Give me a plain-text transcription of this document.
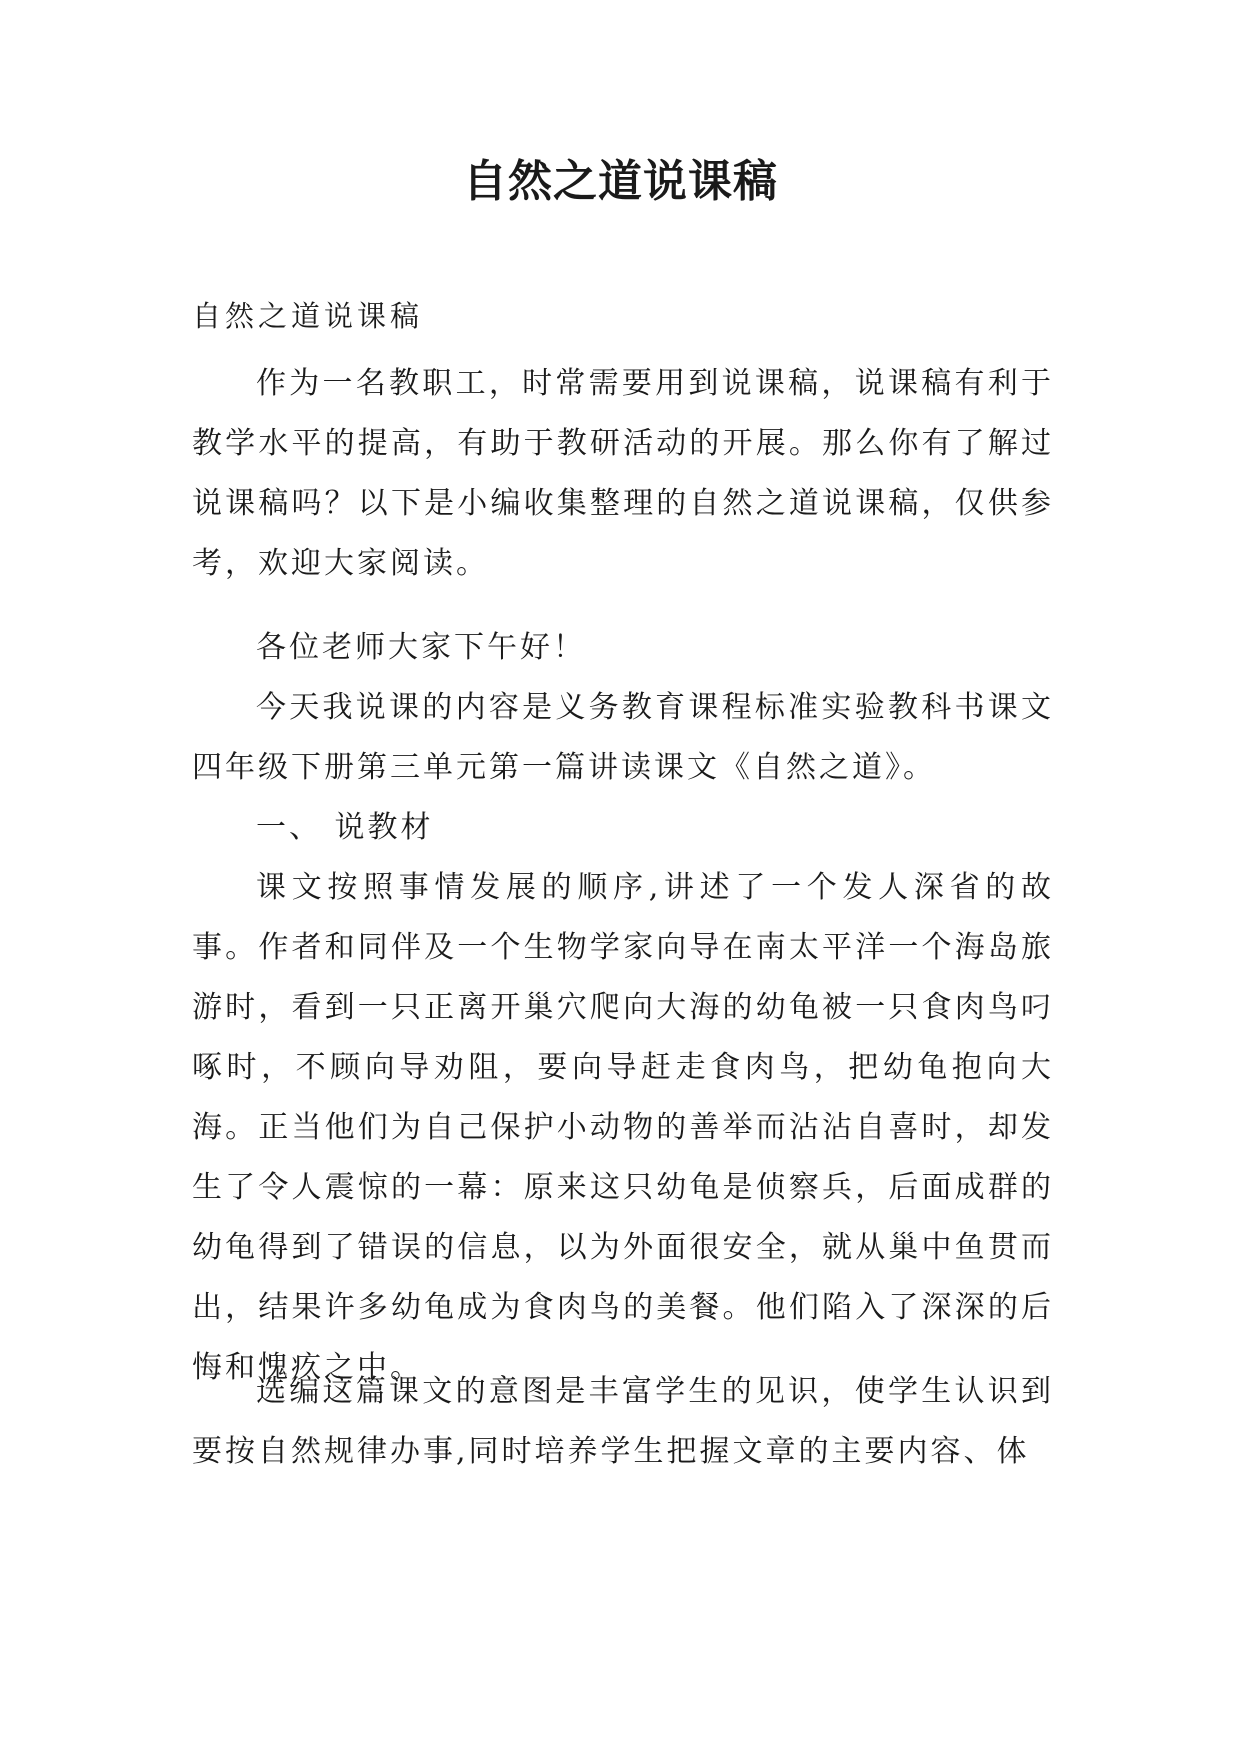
自然之道说课稿

自然之道说课稿

作为一名教职工，时常需要用到说课稿，说课稿有利于教学水平的提高，有助于教研活动的开展。那么你有了解过说课稿吗？以下是小编收集整理的自然之道说课稿，仅供参考，欢迎大家阅读。

各位老师大家下午好！

今天我说课的内容是义务教育课程标准实验教科书课文四年级下册第三单元第一篇讲读课文《自然之道》。

一、 说教材

课文按照事情发展的顺序,讲述了一个发人深省的故事。作者和同伴及一个生物学家向导在南太平洋一个海岛旅游时，看到一只正离开巢穴爬向大海的幼龟被一只食肉鸟叼啄时，不顾向导劝阻，要向导赶走食肉鸟，把幼龟抱向大海。正当他们为自己保护小动物的善举而沾沾自喜时，却发生了令人震惊的一幕：原来这只幼龟是侦察兵，后面成群的幼龟得到了错误的信息，以为外面很安全，就从巢中鱼贯而出，结果许多幼龟成为食肉鸟的美餐。他们陷入了深深的后悔和愧疚之中。

选编这篇课文的意图是丰富学生的见识，使学生认识到要按自然规律办事,同时培养学生把握文章的主要内容、体
